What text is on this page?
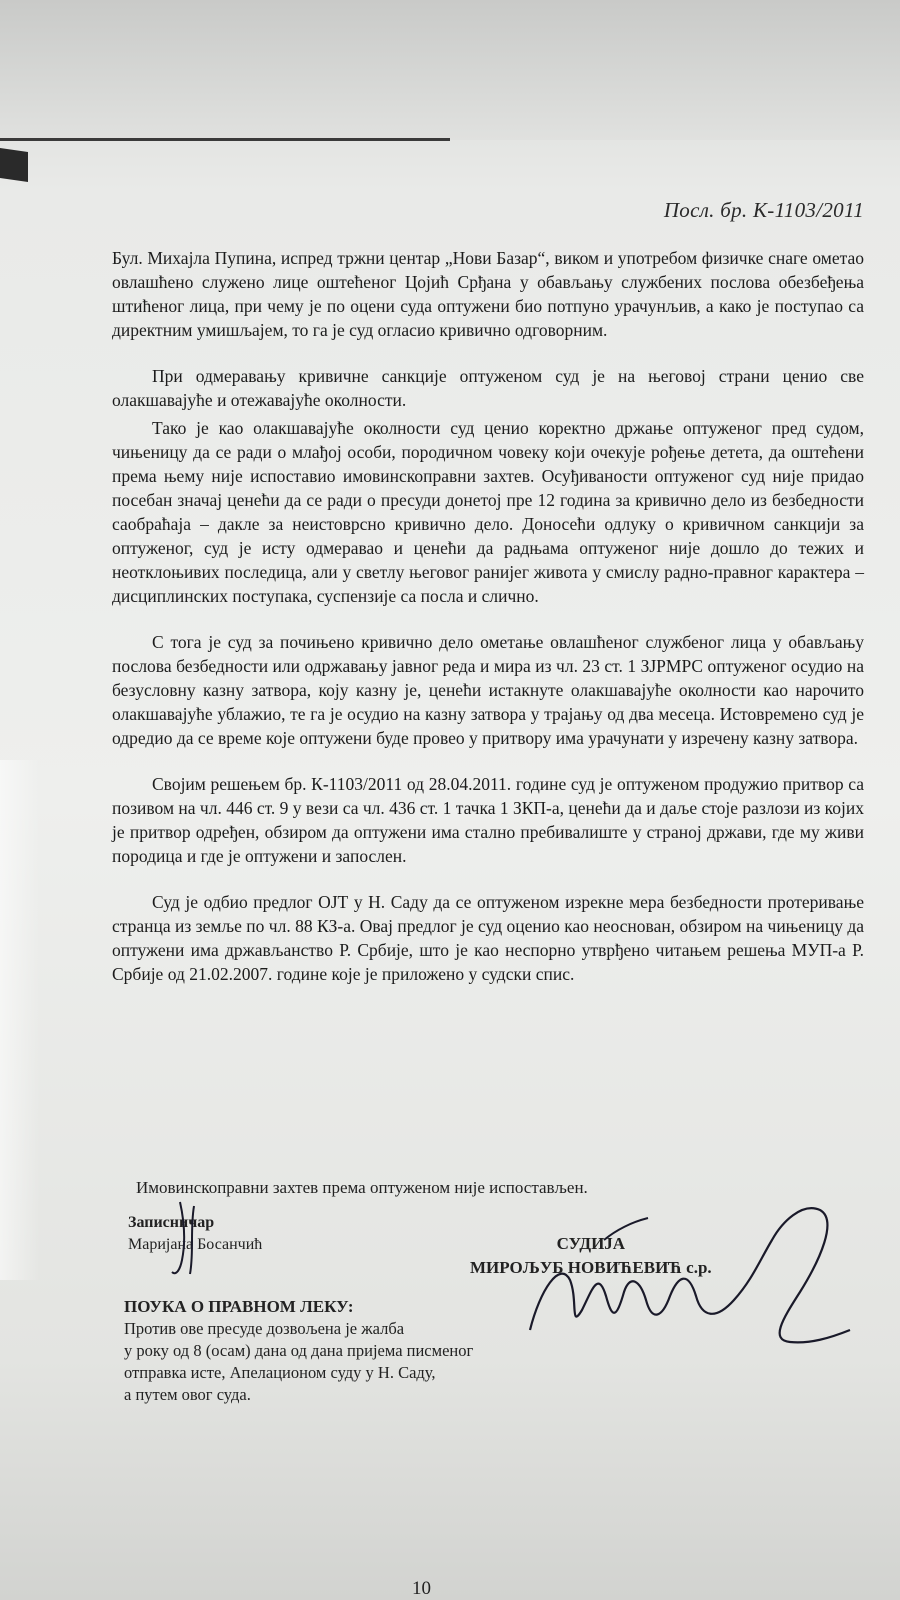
Посл. бр. К-1103/2011

Бул. Михајла Пупина, испред тржни центар „Нови Базар“, виком и употребом физичке снаге ометао овлашћено служено лице оштећеног Цојић Срђана у обављању службених послова обезбеђења штићеног лица, при чему је по оцени суда оптужени био потпуно урачунљив, а како је поступао са директним умишљајем, то га је суд огласио кривично одговорним.

При одмеравању кривичне санкције оптуженом суд је на његовој страни ценио све олакшавајуће и отежавајуће околности.

Тако је као олакшавајуће околности суд ценио коректно држање оптуженог пред судом, чињеницу да се ради о млађој особи, породичном човеку који очекује рођење детета, да оштећени према њему није испоставио имовинскоправни захтев. Осуђиваности оптуженог суд није придао посебан значај ценећи да се ради о пресуди донетој пре 12 година за кривично дело из безбедности саобраћаја – дакле за неистоврсно кривично дело. Доносећи одлуку о кривичном санкцији за оптуженог, суд је исту одмеравао и ценећи да радњама оптуженог није дошло до тежих и неотклоњивих последица, али у светлу његовог ранијег живота у смислу радно-правног карактера – дисциплинских поступака, суспензије са посла и слично.

С тога је суд за почињено кривично дело ометање овлашћеног службеног лица у обављању послова безбедности или одржавању јавног реда и мира из чл. 23 ст. 1 ЗЈРМРС оптуженог осудио на безусловну казну затвора, коју казну је, ценећи истакнуте олакшавајуће околности као нарочито олакшавајуће ублажио, те га је осудио на казну затвора у трајању од два месеца. Истовремено суд је одредио да се време које оптужени буде провео у притвору има урачунати у изречену казну затвора.

Својим решењем бр. К-1103/2011 од 28.04.2011. године суд је оптуженом продужио притвор са позивом на чл. 446 ст. 9 у вези са чл. 436 ст. 1 тачка 1 ЗКП-а, ценећи да и даље стоје разлози из којих је притвор одређен, обзиром да оптужени има стално пребивалиште у страној држави, где му живи породица и где је оптужени и запослен.

Суд је одбио предлог ОЈТ у Н. Саду да се оптуженом изрекне мера безбедности протеривање странца из земље по чл. 88 КЗ-а. Овај предлог је суд оценио као неоснован, обзиром на чињеницу да оптужени има држављанство Р. Србије, што је као неспорно утврђено читањем решења МУП-а Р. Србије од 21.02.2007. године које је приложено у судски спис.

Имовинскоправни захтев према оптуженом није испостављен.
Записничар
Маријана Босанчић	СУДИЈА
МИРОЉУБ НОВИЋЕВИЋ с.р.
ПОУКА О ПРАВНОМ ЛЕКУ:
Против ове пресуде дозвољена је жалба
у року од 8 (осам) дана од дана пријема писменог
отправка исте, Апелационом суду у Н. Саду,
а путем овог суда.
10
